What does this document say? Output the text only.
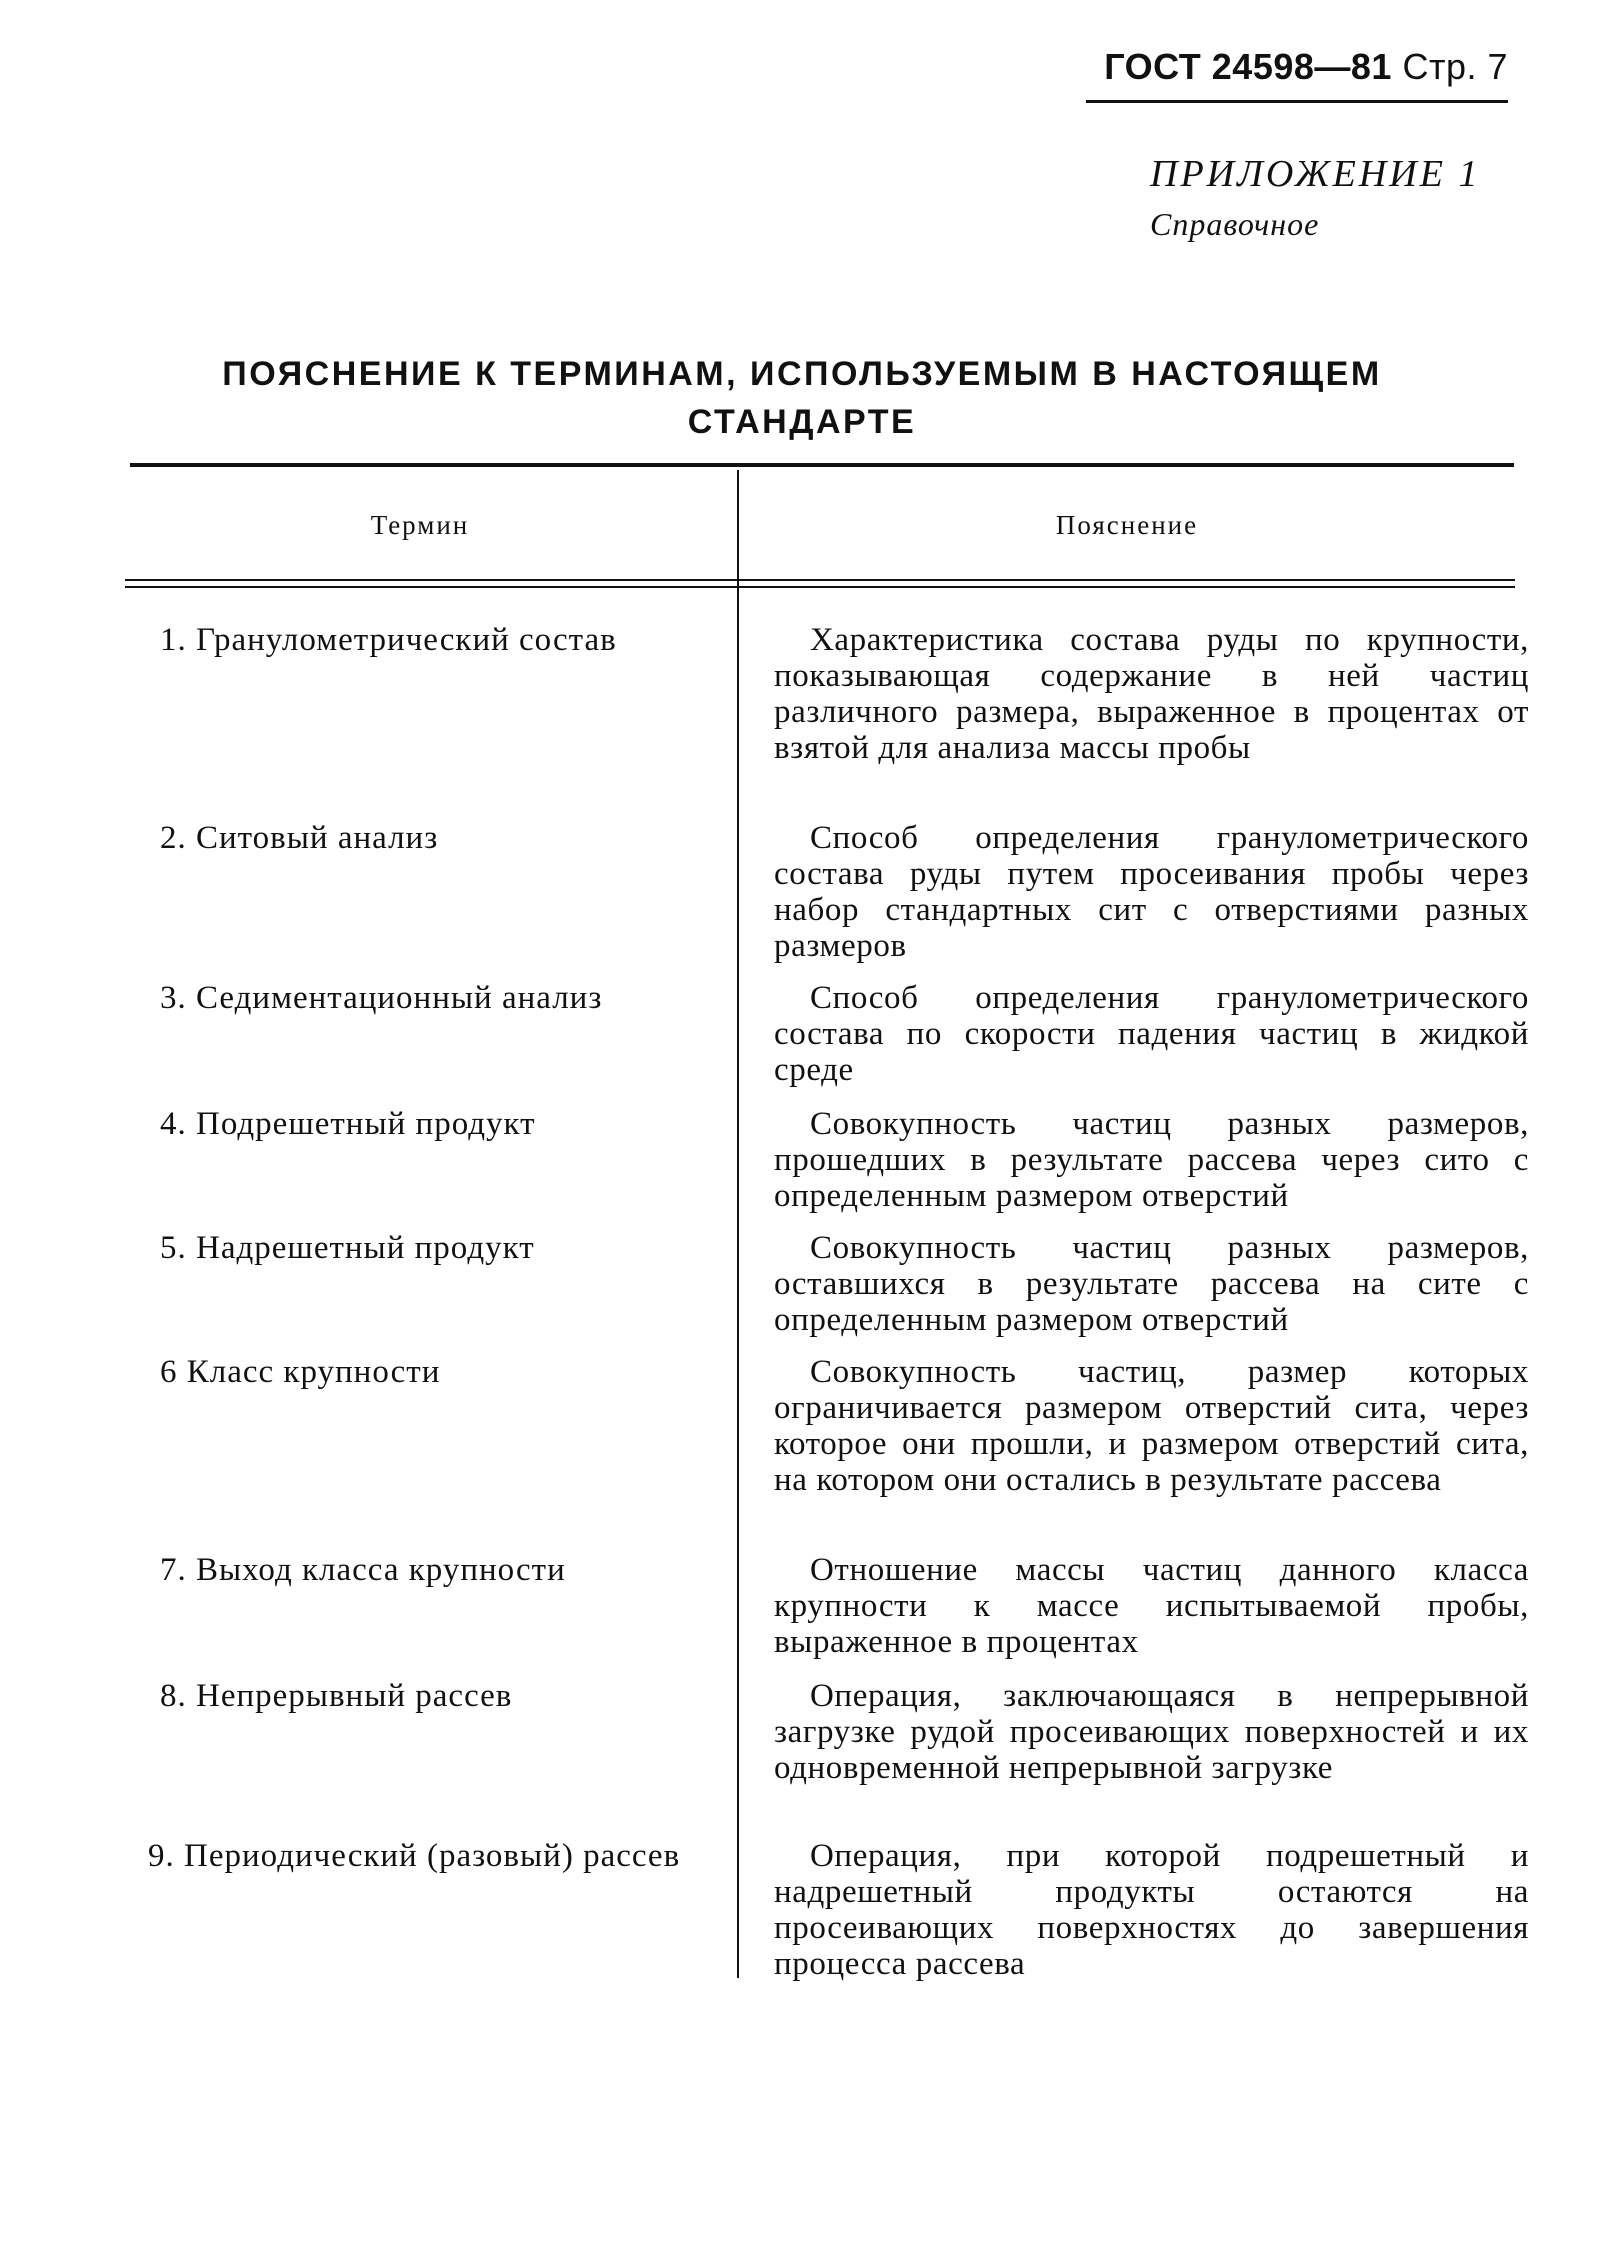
ГОСТ 24598—81 Стр. 7
ПРИЛОЖЕНИЕ 1
Справочное
ПОЯСНЕНИЕ К ТЕРМИНАМ, ИСПОЛЬЗУЕМЫМ В НАСТОЯЩЕМ СТАНДАРТЕ
Термин	Пояснение
1. Гранулометрический состав	Характеристика состава руды по крупности, показывающая содержание в ней частиц различного размера, выраженное в процентах от взятой для анализа массы пробы
2. Ситовый анализ	Способ определения гранулометрического состава руды путем просеивания пробы через набор стандартных сит с отверстиями разных размеров
3. Седиментационный анализ	Способ определения гранулометрического состава по скорости падения частиц в жидкой среде
4. Подрешетный продукт	Совокупность частиц разных размеров, прошедших в результате рассева через сито с определенным размером отверстий
5. Надрешетный продукт	Совокупность частиц разных размеров, оставшихся в результате рассева на сите с определенным размером отверстий
6 Класс крупности	Совокупность частиц, размер которых ограничивается размером отверстий сита, через которое они прошли, и размером отверстий сита, на котором они остались в результате рассева
7. Выход класса крупности	Отношение массы частиц данного класса крупности к массе испытываемой пробы, выраженное в процентах
8. Непрерывный рассев	Операция, заключающаяся в непрерывной загрузке рудой просеивающих поверхностей и их одновременной непрерывной загрузке
9. Периодический (разовый) рассев	Операция, при которой подрешетный и надрешетный продукты остаются на просеивающих поверхностях до завершения процесса рассева
